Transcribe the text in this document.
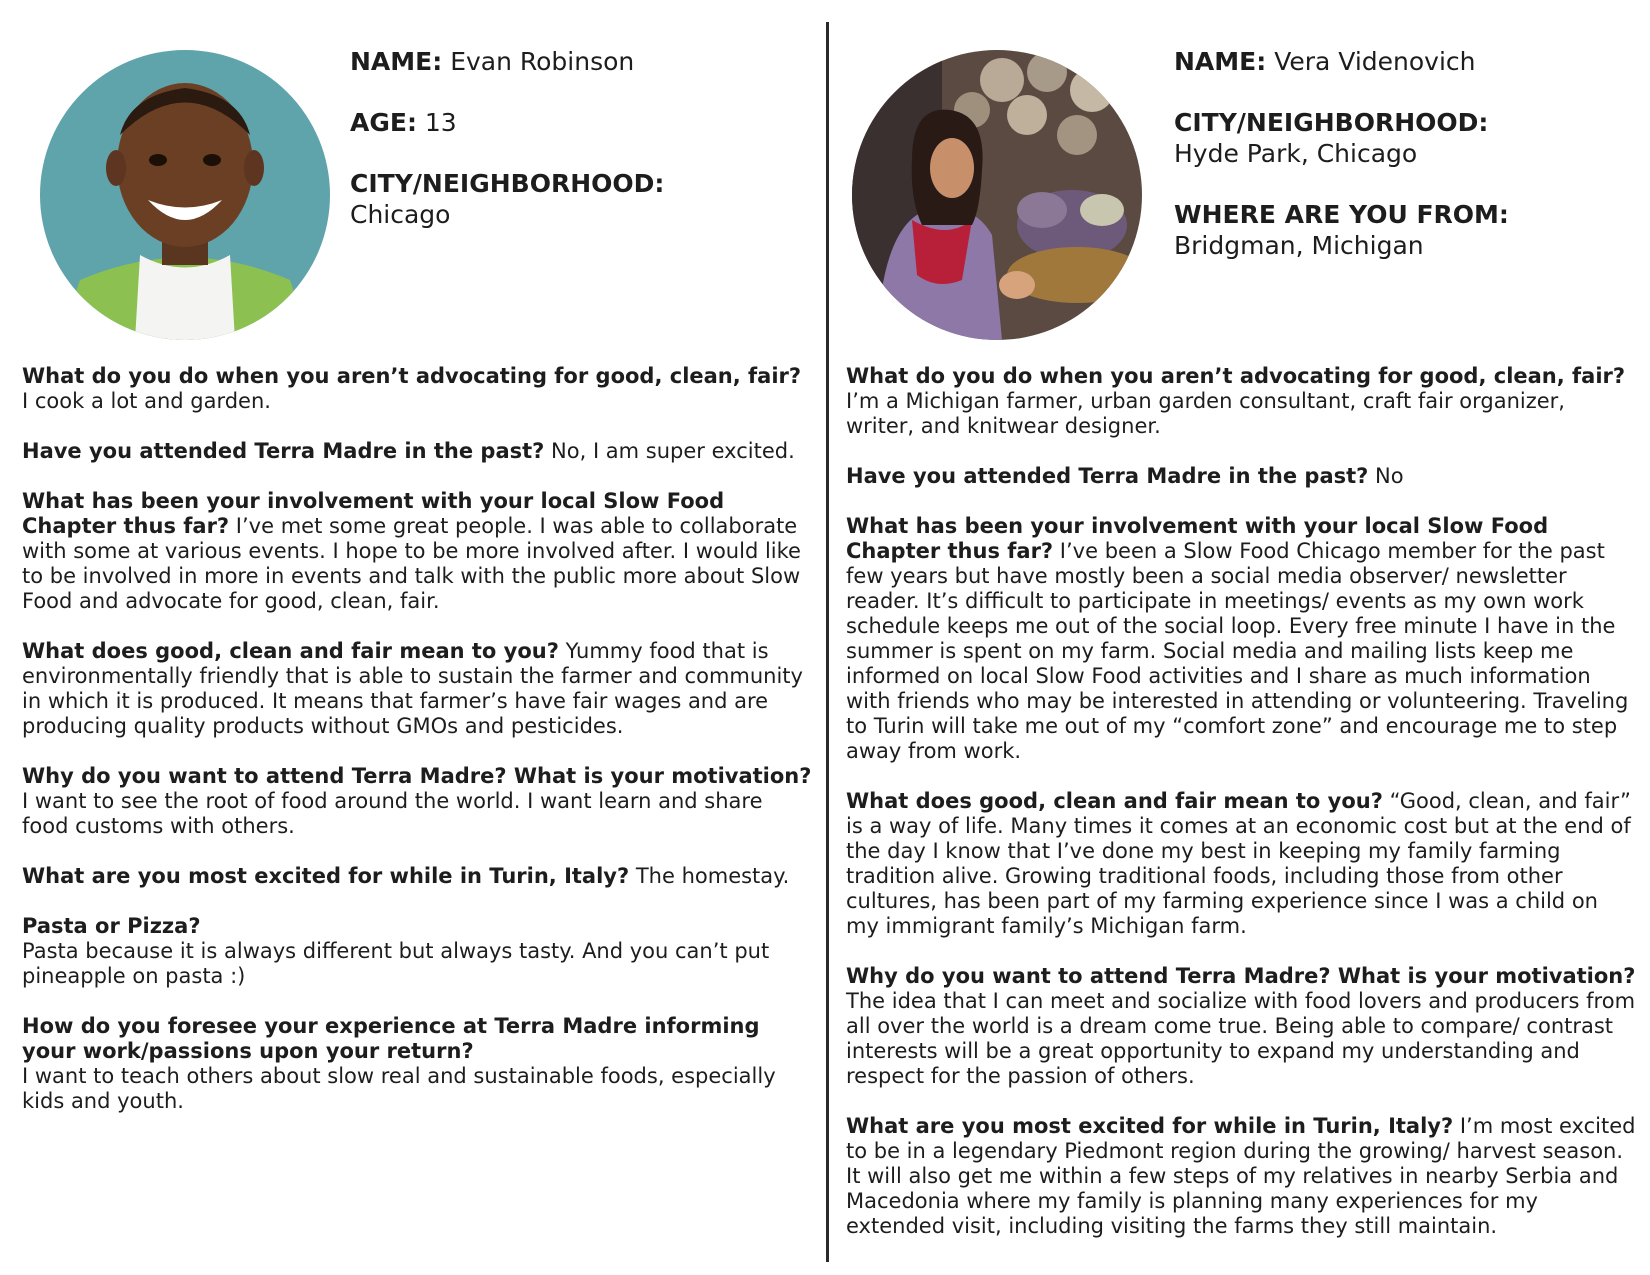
NAME: Evan Robinson
AGE: 13
CITY/NEIGHBORHOOD:
Chicago
What do you do when you aren’t advocating for good, clean, fair?
I cook a lot and garden.
Have you attended Terra Madre in the past? No, I am super excited.
What has been your involvement with your local Slow Food Chapter thus far? I’ve met some great people. I was able to collaborate with some at various events. I hope to be more involved after. I would like to be involved in more in events and talk with the public more about Slow Food and advocate for good, clean, fair.
What does good, clean and fair mean to you? Yummy food that is environmentally friendly that is able to sustain the farmer and community in which it is produced. It means that farmer’s have fair wages and are producing quality products without GMOs and pesticides.
Why do you want to attend Terra Madre? What is your motivation?
I want to see the root of food around the world. I want learn and share food customs with others.
What are you most excited for while in Turin, Italy? The homestay.
Pasta or Pizza?
Pasta because it is always different but always tasty. And you can’t put pineapple on pasta :)
How do you foresee your experience at Terra Madre informing your work/passions upon your return?
I want to teach others about slow real and sustainable foods, especially kids and youth.
NAME: Vera Videnovich
CITY/NEIGHBORHOOD:
Hyde Park, Chicago
WHERE ARE YOU FROM:
Bridgman, Michigan
What do you do when you aren’t advocating for good, clean, fair?
I’m a Michigan farmer, urban garden consultant, craft fair organizer, writer, and knitwear designer.
Have you attended Terra Madre in the past? No
What has been your involvement with your local Slow Food Chapter thus far? I’ve been a Slow Food Chicago member for the past few years but have mostly been a social media observer/ newsletter reader. It’s difficult to participate in meetings/ events as my own work schedule keeps me out of the social loop. Every free minute I have in the summer is spent on my farm. Social media and mailing lists keep me informed on local Slow Food activities and I share as much information with friends who may be interested in attending or volunteering. Traveling to Turin will take me out of my “comfort zone” and encourage me to step away from work.
What does good, clean and fair mean to you? “Good, clean, and fair” is a way of life. Many times it comes at an economic cost but at the end of the day I know that I’ve done my best in keeping my family farming tradition alive. Growing traditional foods, including those from other cultures, has been part of my farming experience since I was a child on my immigrant family’s Michigan farm.
Why do you want to attend Terra Madre? What is your motivation?
The idea that I can meet and socialize with food lovers and producers from all over the world is a dream come true. Being able to compare/ contrast interests will be a great opportunity to expand my understanding and respect for the passion of others.
What are you most excited for while in Turin, Italy? I’m most excited to be in a legendary Piedmont region during the growing/ harvest season. It will also get me within a few steps of my relatives in nearby Serbia and Macedonia where my family is planning many experiences for my extended visit, including visiting the farms they still maintain.
